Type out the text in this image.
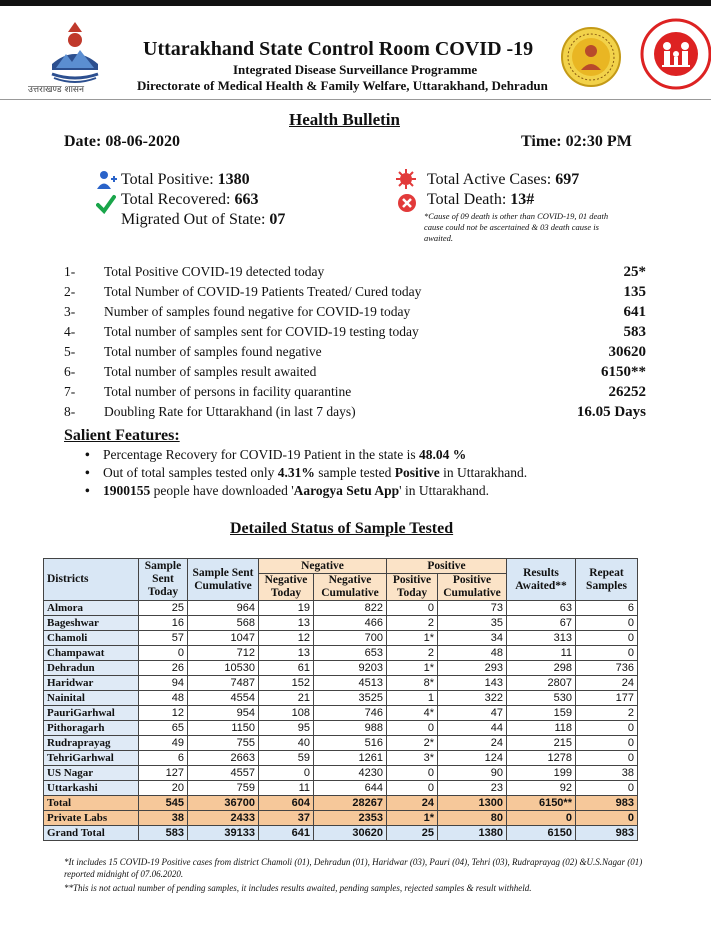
उत्तराखण्ड शासन
Uttarakhand State Control Room COVID -19
Integrated Disease Surveillance Programme
Directorate of Medical Health & Family Welfare, Uttarakhand, Dehradun
Health Bulletin
Date: 08-06-2020	Time: 02:30 PM
Total Positive: 1380
Total Recovered: 663
Migrated Out of State: 07
Total Active Cases: 697
Total Death: 13#
*Cause of 09 death is other than COVID-19, 01 death cause could not be ascertained & 03 death cause is awaited.
1- Total Positive COVID-19 detected today	25*
2- Total Number of COVID-19 Patients Treated/ Cured today	135
3- Number of samples found negative for COVID-19 today	641
4- Total number of samples sent for COVID-19 testing today	583
5- Total number of samples found negative	30620
6- Total number of samples result awaited	6150**
7- Total number of persons in facility quarantine	26252
8- Doubling Rate for Uttarakhand (in last 7 days)	16.05 Days
Salient Features:
• Percentage Recovery for COVID-19 Patient in the state is 48.04 %
• Out of total samples tested only 4.31% sample tested Positive in Uttarakhand.
• 1900155 people have downloaded 'Aarogya Setu App' in Uttarakhand.
Detailed Status of Sample Tested
Districts	Sample Sent Today	Sample Sent Cumulative	Negative		Positive		Results Awaited**	Repeat Samples
			Negative Today	Negative Cumulative	Positive Today	Positive Cumulative		
Almora	25	964	19	822	0	73	63	6
Bageshwar	16	568	13	466	2	35	67	0
Chamoli	57	1047	12	700	1*	34	313	0
Champawat	0	712	13	653	2	48	11	0
Dehradun	26	10530	61	9203	1*	293	298	736
Haridwar	94	7487	152	4513	8*	143	2807	24
Nainital	48	4554	21	3525	1	322	530	177
PauriGarhwal	12	954	108	746	4*	47	159	2
Pithoragarh	65	1150	95	988	0	44	118	0
Rudraprayag	49	755	40	516	2*	24	215	0
TehriGarhwal	6	2663	59	1261	3*	124	1278	0
US Nagar	127	4557	0	4230	0	90	199	38
Uttarkashi	20	759	11	644	0	23	92	0
Total	545	36700	604	28267	24	1300	6150**	983
Private Labs	38	2433	37	2353	1*	80	0	0
Grand Total	583	39133	641	30620	25	1380	6150	983
*It includes 15 COVID-19 Positive cases from district Chamoli (01), Dehradun (01), Haridwar (03), Pauri (04), Tehri (03), Rudraprayag (02) &U.S.Nagar (01) reported midnight of 07.06.2020.
**This is not actual number of pending samples, it includes results awaited, pending samples, rejected samples & result withheld.
